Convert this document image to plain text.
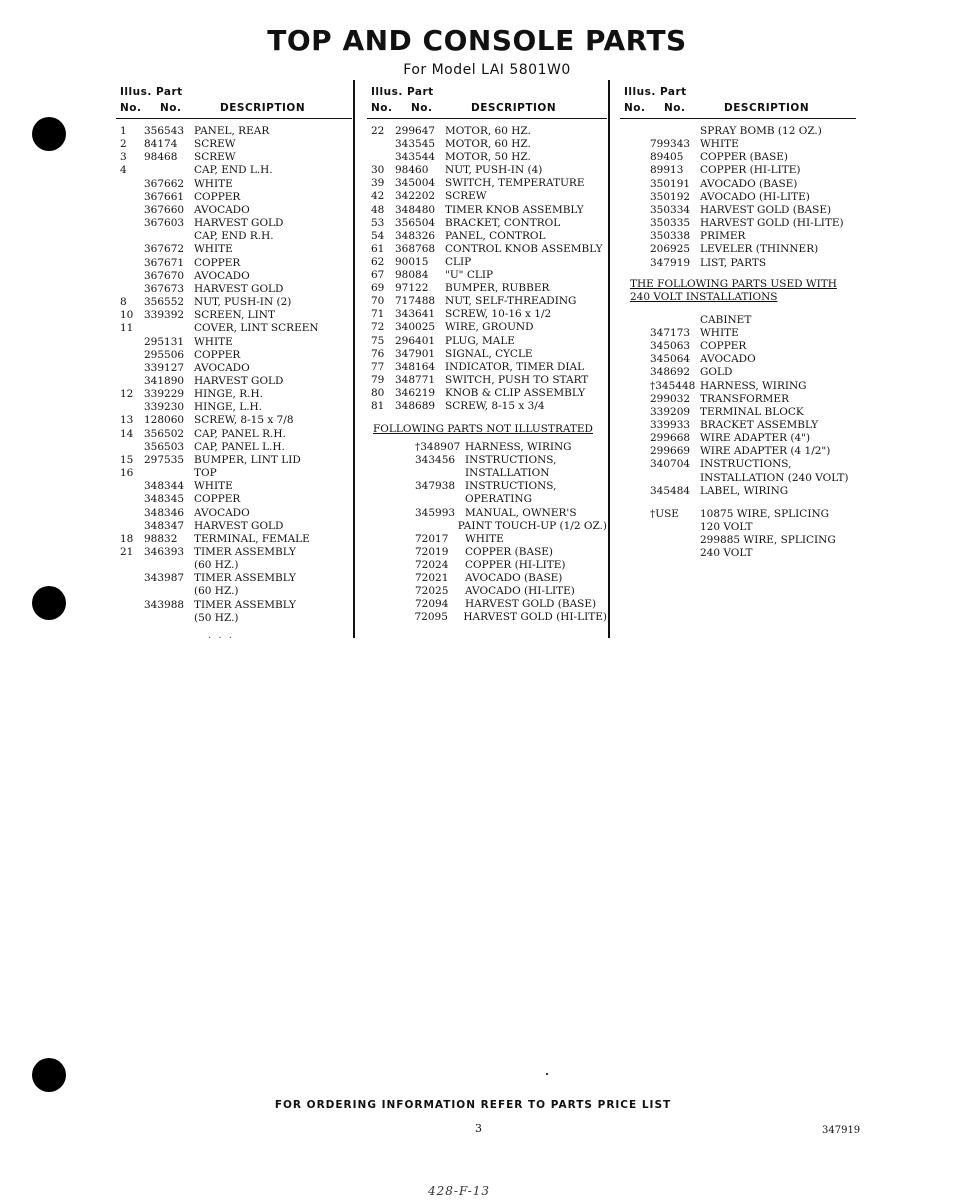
TOP AND CONSOLE PARTS
For Model LAI 5801W0
Illus. Part
No. No.	DESCRIPTION
1	356543 PANEL, REAR
2	84174	SCREW
3	98468	SCREW
4	CAP, END L.H.
367662 WHITE
367661 COPPER
367660 AVOCADO
367603 HARVEST GOLD
CAP, END R.H.
367672 WHITE
367671 COPPER
367670 AVOCADO
367673 HARVEST GOLD
8	356552 NUT, PUSH-IN (2)
10	339392 SCREEN, LINT
11	COVER, LINT SCREEN
295131 WHITE
295506 COPPER
339127 AVOCADO
341890 HARVEST GOLD
12	339229 HINGE, R.H.
339230 HINGE, L.H.
13	128060 SCREW, 8-15 x 7/8
14	356502 CAP, PANEL R.H.
356503 CAP, PANEL L.H.
15	297535 BUMPER, LINT LID
16	TOP
348344 WHITE
348345 COPPER
348346 AVOCADO
348347 HARVEST GOLD
18	98832	TERMINAL, FEMALE
21	346393 TIMER ASSEMBLY
(60 HZ.)
343987 TIMER ASSEMBLY
(60 HZ.)
343988 TIMER ASSEMBLY
(50 HZ.)
Illus. Part
No. No.	DESCRIPTION
22	299647 MOTOR, 60 HZ.
343545 MOTOR, 60 HZ.
343544 MOTOR, 50 HZ.
30	98460	NUT, PUSH-IN (4)
39	345004 SWITCH, TEMPERATURE
42	342202 SCREW
48	348480 TIMER KNOB ASSEMBLY
53	356504 BRACKET, CONTROL
54	348326 PANEL, CONTROL
61	368768 CONTROL KNOB ASSEMBLY
62	90015	CLIP
67	98084	"U" CLIP
69	97122	BUMPER, RUBBER
70	717488 NUT, SELF-THREADING
71	343641 SCREW, 10-16 x 1/2
72	340025 WIRE, GROUND
75	296401 PLUG, MALE
76	347901 SIGNAL, CYCLE
77	348164 INDICATOR, TIMER DIAL
79	348771 SWITCH, PUSH TO START
80	346219 KNOB & CLIP ASSEMBLY
81	348689 SCREW, 8-15 x 3/4
FOLLOWING PARTS NOT ILLUSTRATED
†348907 HARNESS, WIRING
343456 INSTRUCTIONS,
INSTALLATION
347938 INSTRUCTIONS,
OPERATING
345993 MANUAL, OWNER'S
PAINT TOUCH-UP (1/2 OZ.)
72017	WHITE
72019	COPPER (BASE)
72024	COPPER (HI-LITE)
72021	AVOCADO (BASE)
72025	AVOCADO (HI-LITE)
72094	HARVEST GOLD (BASE)
72095	HARVEST GOLD (HI-LITE)
Illus. Part
No. No.	DESCRIPTION
SPRAY BOMB (12 OZ.)
799343 WHITE
89405	COPPER (BASE)
89913	COPPER (HI-LITE)
350191 AVOCADO (BASE)
350192 AVOCADO (HI-LITE)
350334 HARVEST GOLD (BASE)
350335 HARVEST GOLD (HI-LITE)
350338 PRIMER
206925 LEVELER (THINNER)
347919 LIST, PARTS
THE FOLLOWING PARTS USED WITH
240 VOLT INSTALLATIONS
CABINET
347173 WHITE
345063 COPPER
345064 AVOCADO
348692 GOLD
†345448 HARNESS, WIRING
299032 TRANSFORMER
339209 TERMINAL BLOCK
339933 BRACKET ASSEMBLY
299668 WIRE ADAPTER (4")
299669 WIRE ADAPTER (4 1/2")
340704 INSTRUCTIONS,
INSTALLATION (240 VOLT)
345484 LABEL, WIRING
†USE	10875 WIRE, SPLICING
120 VOLT
299885 WIRE, SPLICING
240 VOLT
. . .
FOR ORDERING INFORMATION REFER TO PARTS PRICE LIST
3	347919
428-F-13
